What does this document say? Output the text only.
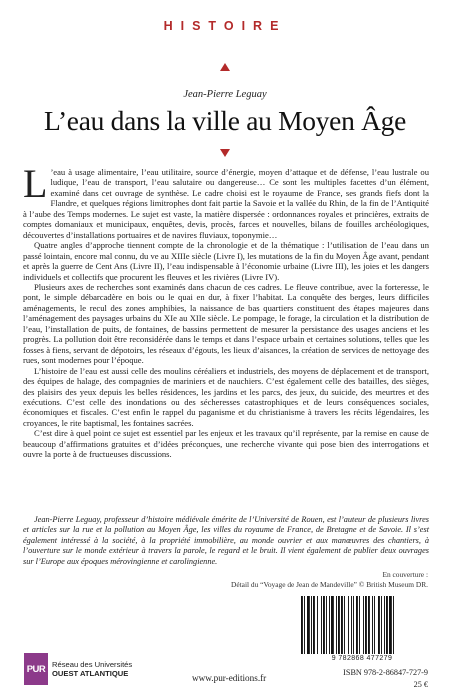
HISTOIRE
Jean-Pierre Leguay
L’eau dans la ville au Moyen Âge

L ’eau à usage alimentaire, l’eau utilitaire, source d’énergie, moyen d’attaque et de défense, l’eau lustrale ou ludique, l’eau de transport, l’eau salutaire ou dangereuse… Ce sont les multiples facettes d’un élément, examiné dans cet ouvrage de synthèse. Le cadre choisi est le royaume de France, ses grands fiefs dont la Flandre, et quelques régions limitrophes dont fait partie la Savoie et la vallée du Rhin, de la fin de l’Antiquité à l’aube des Temps modernes. Le sujet est vaste, la matière dispersée : ordonnances royales et princières, extraits de comptes domaniaux et municipaux, enquêtes, devis, procès, farces et nouvelles, bilans de fouilles archéologiques, découvertes d’installations portuaires et de navires fluviaux, toponymie…

Quatre angles d’approche tiennent compte de la chronologie et de la thématique : l’utilisation de l’eau dans un passé lointain, encore mal connu, du ve au XIIIe siècle (Livre I), les mutations de la fin du Moyen Âge avant, pendant et après la guerre de Cent Ans (Livre II), l’eau indispensable à l’économie urbaine (Livre III), les joies et les dangers individuels et collectifs que procurent les fleuves et les rivières (Livre IV).

Plusieurs axes de recherches sont examinés dans chacun de ces cadres. Le fleuve contribue, avec la forteresse, le pont, le simple débarcadère en bois ou le quai en dur, à fixer l’habitat. La conquête des berges, leurs difficiles aménagements, le recul des zones amphibies, la naissance de bas quartiers constituent des étapes majeures dans l’aménagement des paysages urbains du XIe au XIIe siècle. Le pompage, le forage, la circulation et la distribution de l’eau, l’installation de puits, de fontaines, de bassins permettent de mesurer la persistance des usages anciens et les progrès. La pollution doit être reconsidérée dans le temps et dans l’espace urbain et certaines solutions, telles que les fosses à fiens, servant de dépotoirs, les réseaux d’égouts, les lieux d’aisances, la création de services de nettoyage des rues, sont modernes pour l’époque.

L’histoire de l’eau est aussi celle des moulins céréaliers et industriels, des moyens de déplacement et de transport, des équipes de halage, des compagnies de mariniers et de nauchiers. C’est également celle des batailles, des sièges, des plaisirs des yeux depuis les belles résidences, les jardins et les parcs, des jeux, du suicide, des meurtres et des exécutions. C’est celle des inondations ou des sécheresses catastrophiques et de leurs conséquences sociales, économiques et fiscales. C’est enfin le rappel du paganisme et du christianisme à travers les récits légendaires, les croyances, le rite baptismal, les fontaines sacrées.

C’est dire à quel point ce sujet est essentiel par les enjeux et les travaux qu’il représente, par la remise en cause de beaucoup d’affirmations gratuites et d’idées préconçues, une recherche vivante qui pose bien des interrogations et ouvre la porte à de fructueuses discussions.

Jean-Pierre Leguay, professeur d’histoire médiévale émérite de l’Université de Rouen, est l’auteur de plusieurs livres et articles sur la rue et la pollution au Moyen Âge, les villes du royaume de France, de Bretagne et de Savoie. Il s’est également intéressé à la société, à la propriété immobilière, au monde ouvrier et aux manœuvres des chantiers, à l’ouverture sur le monde extérieur à travers la parole, le regard et le bruit. Il vient également de publier deux ouvrages sur l’Europe aux époques mérovingienne et carolingienne.

En couverture :
Détail du “Voyage de Jean de Mandeville” © British Museum DR.
9 782868 477279
PUR Réseau des Universités
OUEST ATLANTIQUE	www.pur-editions.fr
ISBN 978-2-86847-727-9
25 €
